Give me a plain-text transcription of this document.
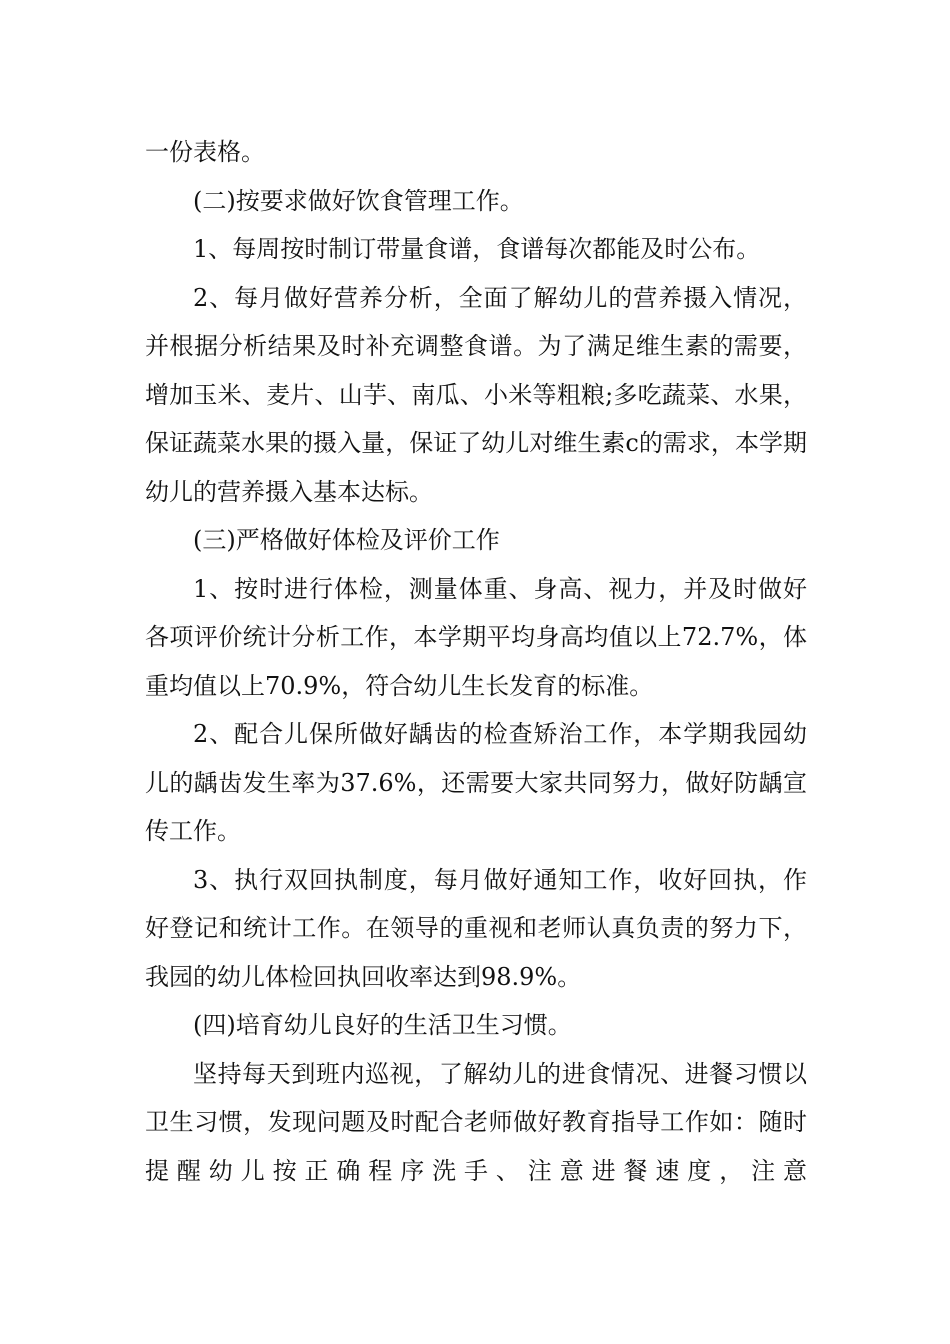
一份表格。

(二)按要求做好饮食管理工作。

1、每周按时制订带量食谱，食谱每次都能及时公布。

2、每月做好营养分析，全面了解幼儿的营养摄入情况，并根据分析结果及时补充调整食谱。为了满足维生素的需要，增加玉米、麦片、山芋、南瓜、小米等粗粮;多吃蔬菜、水果，保证蔬菜水果的摄入量，保证了幼儿对维生素c的需求，本学期幼儿的营养摄入基本达标。

(三)严格做好体检及评价工作

1、按时进行体检，测量体重、身高、视力，并及时做好各项评价统计分析工作，本学期平均身高均值以上72.7%，体重均值以上70.9%，符合幼儿生长发育的标准。

2、配合儿保所做好龋齿的检查矫治工作，本学期我园幼儿的龋齿发生率为37.6%，还需要大家共同努力，做好防龋宣传工作。

3、执行双回执制度，每月做好通知工作，收好回执，作好登记和统计工作。在领导的重视和老师认真负责的努力下，我园的幼儿体检回执回收率达到98.9%。

(四)培育幼儿良好的生活卫生习惯。

坚持每天到班内巡视，了解幼儿的进食情况、进餐习惯以卫生习惯，发现问题及时配合老师做好教育指导工作如：随时提醒幼儿按正确程序洗手、注意进餐速度，注意
